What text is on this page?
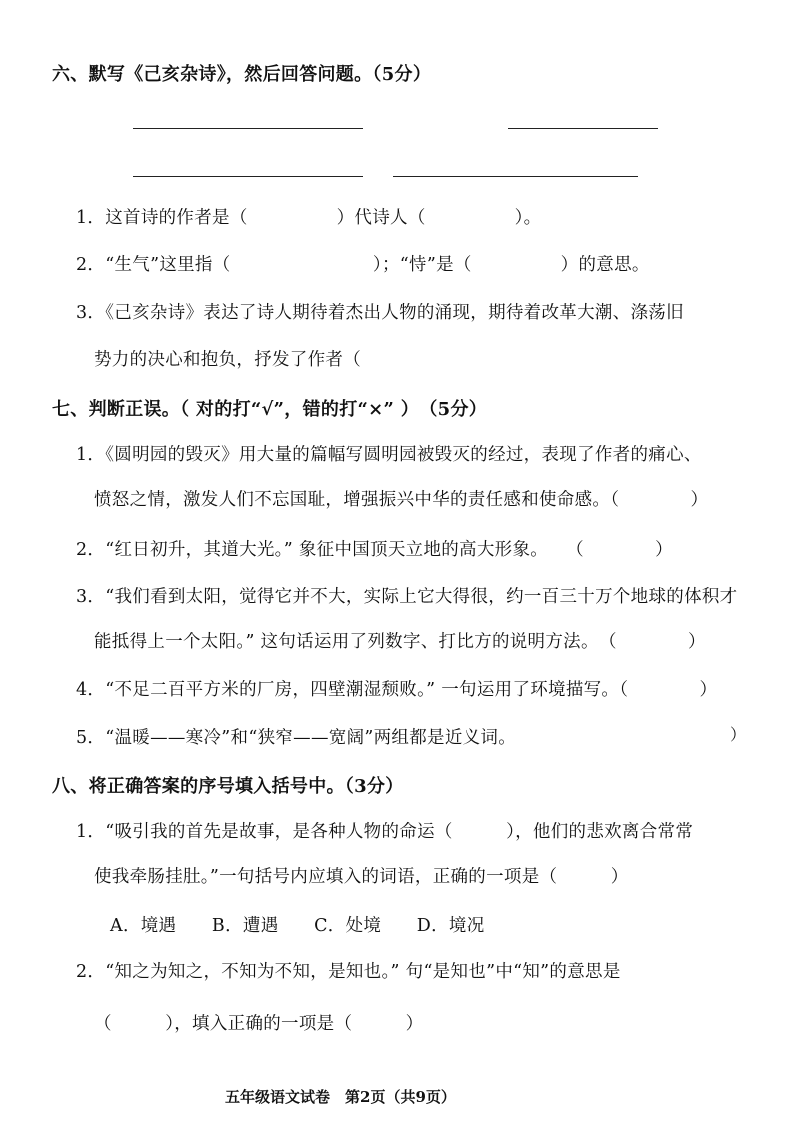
六、默写《己亥杂诗》，然后回答问题。（5分）
1．这首诗的作者是（　　　　　）代诗人（　　　　　）。
2．“生气”这里指（　　　　　　　　）；“恃”是（　　　　　）的意思。
3．《己亥杂诗》表达了诗人期待着杰出人物的涌现，期待着改革大潮、涤荡旧
势力的决心和抱负，抒发了作者（
七、判断正误。（ 对的打“√”，错的打“×” ）　（5分）
1．《圆明园的毁灭》用大量的篇幅写圆明园被毁灭的经过，表现了作者的痛心、
愤怒之情，激发人们不忘国耻，增强振兴中华的责任感和使命感。（　　　　）
2．“红日初升，其道大光。” 象征中国顶天立地的高大形象。　　（　　　　）
3．“我们看到太阳，觉得它并不大，实际上它大得很，约一百三十万个地球的体积才
能抵得上一个太阳。” 这句话运用了列数字、打比方的说明方法。　（　　　　）
4．“不足二百平方米的厂房，四壁潮湿颓败。” 一句运用了环境描写。（　　　　）
5．“温暖——寒冷”和“狭窄——宽阔”两组都是近义词。	）
八、将正确答案的序号填入括号中。（3分）
1．“吸引我的首先是故事，是各种人物的命运（　　　），他们的悲欢离合常常
使我牵肠挂肚。”一句括号内应填入的词语，正确的一项是（　　　）
A．境遇　　B．遭遇　　C．处境　　D．境况
2．“知之为知之，不知为不知，是知也。” 句“是知也”中“知”的意思是
（　　　），填入正确的一项是（　　　）
五年级语文试卷　第2页（共9页）
